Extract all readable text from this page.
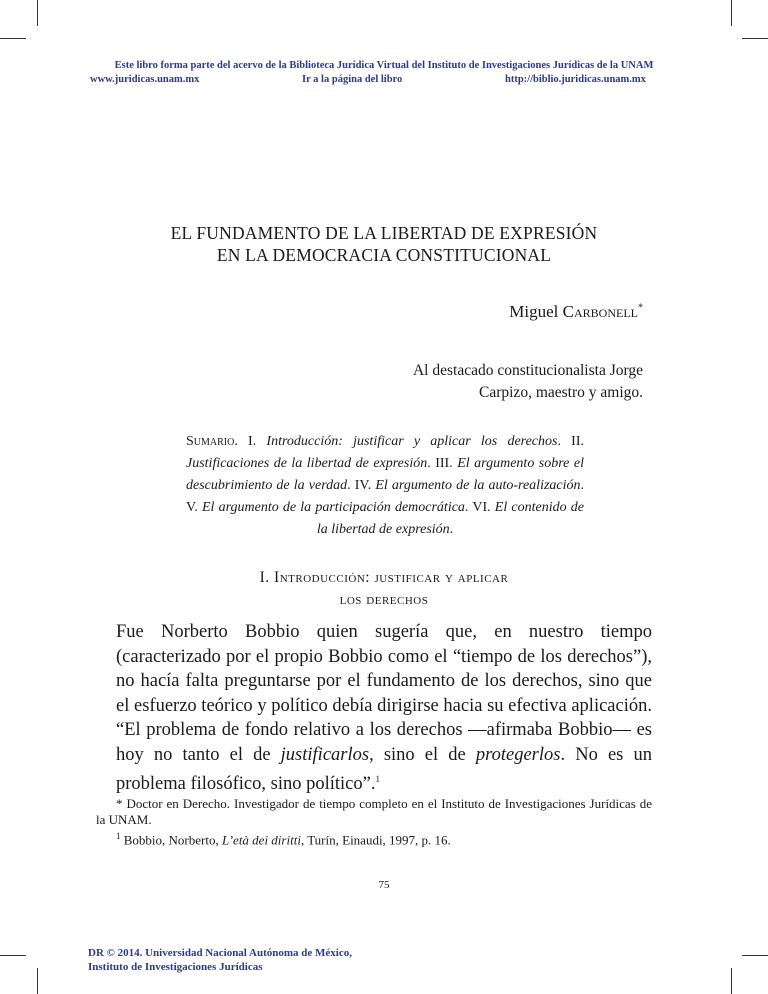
Este libro forma parte del acervo de la Biblioteca Jurídica Virtual del Instituto de Investigaciones Jurídicas de la UNAM
www.juridicas.unam.mx	Ir a la página del libro	http://biblio.juridicas.unam.mx
EL FUNDAMENTO DE LA LIBERTAD DE EXPRESIÓN
EN LA DEMOCRACIA CONSTITUCIONAL
Miguel Carbonell*
Al destacado constitucionalista Jorge
Carpizo, maestro y amigo.
Sumario. I. Introducción: justificar y aplicar los derechos. II. Justificaciones de la libertad de expresión. III. El argumento sobre el descubrimiento de la verdad. IV. El argumento de la auto-realización. V. El argumento de la participación democrática. VI. El contenido de la libertad de expresión.
I. Introducción: justificar y aplicar
los derechos
Fue Norberto Bobbio quien sugería que, en nuestro tiempo (caracterizado por el propio Bobbio como el “tiempo de los derechos”), no hacía falta preguntarse por el fundamento de los derechos, sino que el esfuerzo teórico y político debía dirigirse hacia su efectiva aplicación. “El problema de fondo relativo a los derechos —afirmaba Bobbio— es hoy no tanto el de justificarlos, sino el de protegerlos. No es un problema filosófico, sino político”.$^1$
* Doctor en Derecho. Investigador de tiempo completo en el Instituto de Investigaciones Jurídicas de la UNAM.
$^1$ Bobbio, Norberto, L’età dei diritti, Turín, Einaudi, 1997, p. 16.
75
DR © 2014. Universidad Nacional Autónoma de México,
Instituto de Investigaciones Jurídicas
